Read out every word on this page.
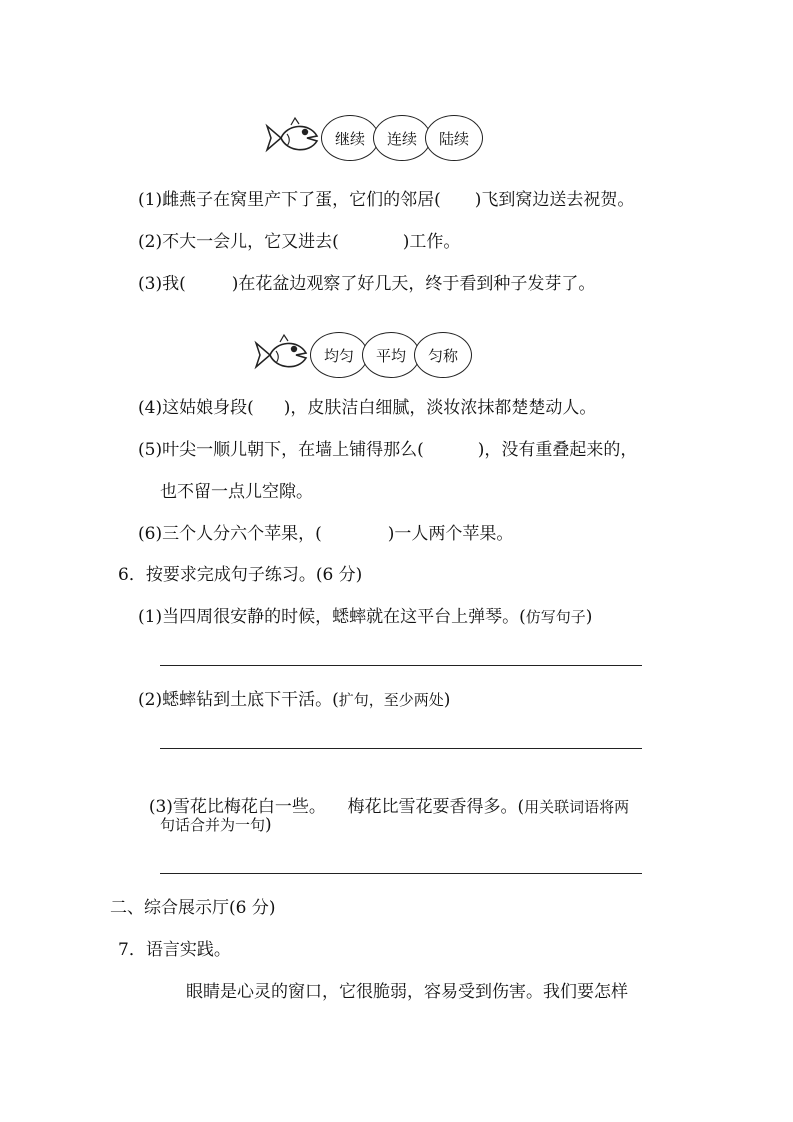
继续	连续	陆续
(1)雌燕子在窝里产下了蛋，它们的邻居( )飞到窝边送去祝贺。
(2)不大一会儿，它又进去(	)工作。
(3)我(	)在花盆边观察了好几天，终于看到种子发芽了。
均匀	平均	匀称
(4)这姑娘身段( )，皮肤洁白细腻，淡妆浓抹都楚楚动人。
(5)叶尖一顺儿朝下，在墙上铺得那么(	)，没有重叠起来的，
也不留一点儿空隙。
(6)三个人分六个苹果，(	)一人两个苹果。
6．按要求完成句子练习。(6 分)
(1)当四周很安静的时候，蟋蟀就在这平台上弹琴。(仿写句子)
(2)蟋蟀钻到土底下干活。(扩句，至少两处)

(3)雪花比梅花白一些。    梅花比雪花要香得多。(用关联词语将两

句话合并为一句)
二、综合展示厅(6 分)
7．语言实践。
眼睛是心灵的窗口，它很脆弱，容易受到伤害。我们要怎样
